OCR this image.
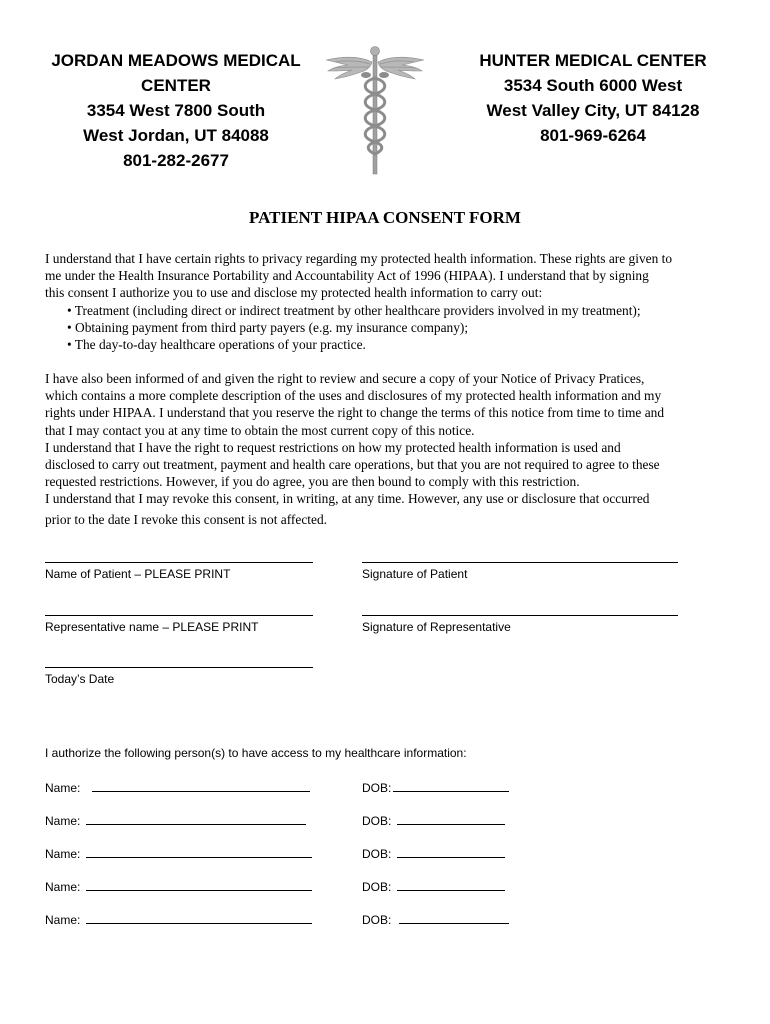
JORDAN MEADOWS MEDICAL
CENTER
3354 West 7800 South
West Jordan, UT 84088
801-282-2677
HUNTER MEDICAL CENTER
3534 South 6000 West
West Valley City, UT 84128
801-969-6264
PATIENT HIPAA CONSENT FORM
I understand that I have certain rights to privacy regarding my protected health information. These rights are given to
me under the Health Insurance Portability and Accountability Act of 1996 (HIPAA). I understand that by signing
this consent I authorize you to use and disclose my protected health information to carry out:
• Treatment (including direct or indirect treatment by other healthcare providers involved in my treatment);
• Obtaining payment from third party payers (e.g. my insurance company);
• The day-to-day healthcare operations of your practice.
I have also been informed of and given the right to review and secure a copy of your Notice of Privacy Pratices,
which contains a more complete description of the uses and disclosures of my protected health information and my
rights under HIPAA. I understand that you reserve the right to change the terms of this notice from time to time and
that I may contact you at any time to obtain the most current copy of this notice.
I understand that I have the right to request restrictions on how my protected health information is used and
disclosed to carry out treatment, payment and health care operations, but that you are not required to agree to these
requested restrictions. However, if you do agree, you are then bound to comply with this restriction.
I understand that I may revoke this consent, in writing, at any time. However, any use or disclosure that occurred
prior to the date I revoke this consent is not affected.
Name of Patient – PLEASE PRINT	Signature of Patient
Representative name – PLEASE PRINT	Signature of Representative
Today’s Date
I authorize the following person(s) to have access to my healthcare information:
Name:	DOB:
Name:	DOB:
Name:	DOB:
Name:	DOB:
Name:	DOB:
